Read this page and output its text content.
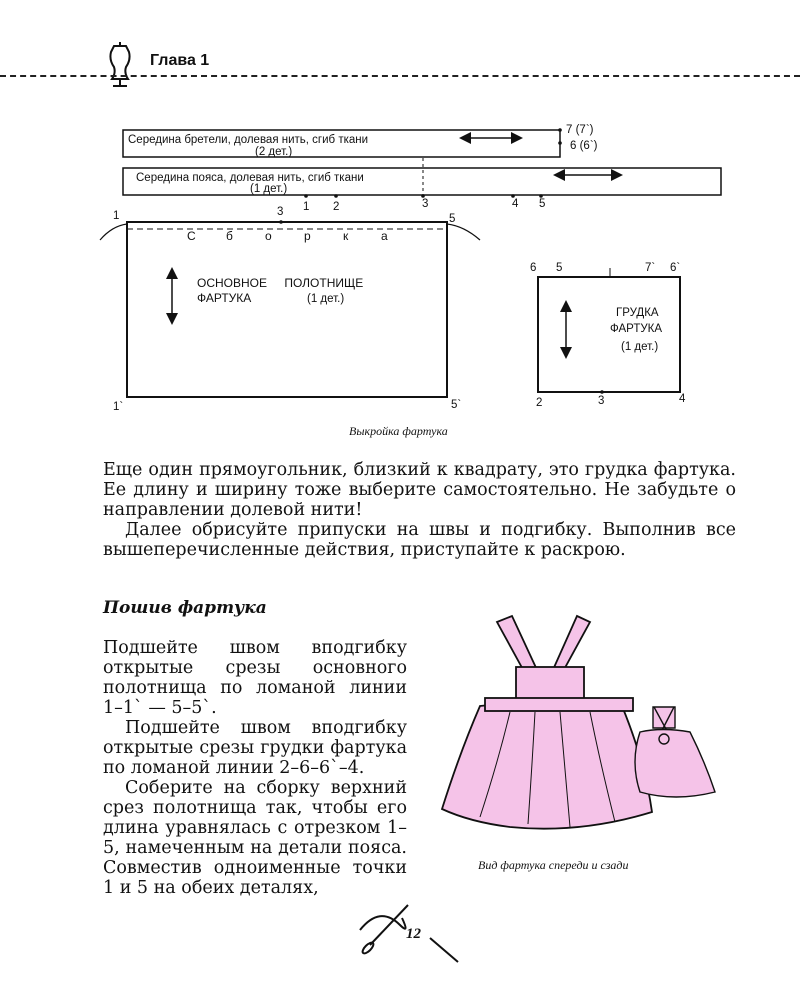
Глава 1
Середина бретели, долевая нить, сгиб ткани
(2 дет.)
7 (7`)
6 (6`)
Середина пояса, долевая нить, сгиб ткани
(1 дет.)
1 2	3	4 5
1	3
5
1`	5`
С	б	о	р	к	а
ОСНОВНОЕ ПОЛОТНИЩЕ
ФАРТУКА	(1 дет.)
6 5	7` 6`
2	3	4
ГРУДКА
ФАРТУКА
(1 дет.)
Выкройка фартука

Еще один прямоугольник, близкий к квадрату, это грудка фартука. Ее длину и ширину тоже выберите самостоятельно. Не забудьте о направлении долевой нити!

Далее обрисуйте припуски на швы и подгибку. Выполнив все вышеперечисленные действия, приступайте к раскрою.

Пошив фартука

Подшейте швом вподгибку открытые срезы основного полотнища по ломаной линии 1–1` — 5–5`.

Подшейте швом вподгибку открытые срезы грудки фартука по ломаной линии 2–6–6`–4.

Соберите на сборку верхний срез полотнища так, чтобы его длина уравнялась с отрезком 1–5, намеченным на детали пояса. Совместив одноименные точки 1 и 5 на обеих деталях,

Вид фартука спереди и сзади
12
